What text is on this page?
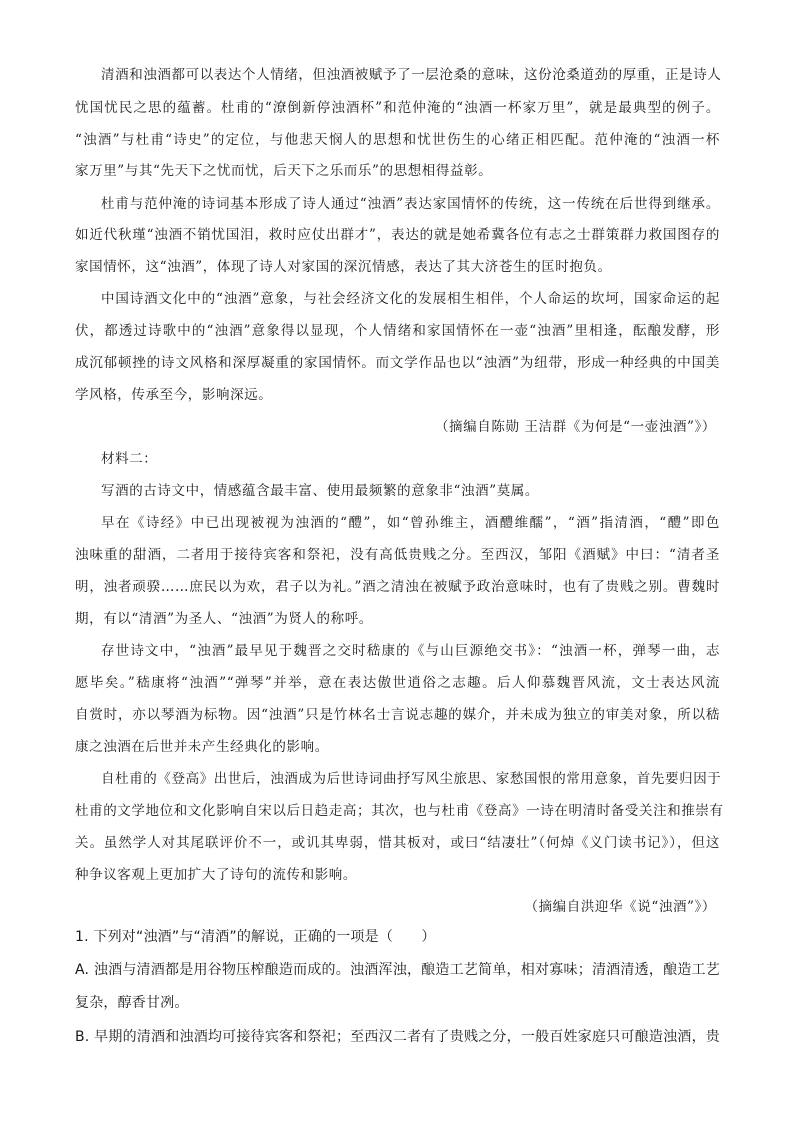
清酒和浊酒都可以表达个人情绪，但浊酒被赋予了一层沧桑的意味，这份沧桑道劲的厚重，正是诗人
忧国忧民之思的蕴蓄。杜甫的“潦倒新停浊酒杯”和范仲淹的“浊酒一杯家万里”，就是最典型的例子。
“浊酒”与杜甫“诗史”的定位，与他悲天悯人的思想和忧世伤生的心绪正相匹配。范仲淹的“浊酒一杯
家万里”与其“先天下之忧而忧，后天下之乐而乐”的思想相得益彰。
杜甫与范仲淹的诗词基本形成了诗人通过“浊酒”表达家国情怀的传统，这一传统在后世得到继承。
如近代秋瑾“浊酒不销忧国泪，救时应仗出群才”，表达的就是她希冀各位有志之士群策群力救国图存的
家国情怀，这“浊酒”，体现了诗人对家国的深沉情感，表达了其大济苍生的匡时抱负。
中国诗酒文化中的“浊酒”意象，与社会经济文化的发展相生相伴，个人命运的坎坷，国家命运的起
伏，都透过诗歌中的“浊酒”意象得以显现，个人情绪和家国情怀在一壶“浊酒”里相逢，酝酿发酵，形
成沉郁顿挫的诗文风格和深厚凝重的家国情怀。而文学作品也以“浊酒”为纽带，形成一种经典的中国美
学风格，传承至今，影响深远。
（摘编自陈勋 王洁群《为何是“一壶浊酒”》）
材料二：
写酒的古诗文中，情感蕴含最丰富、使用最频繁的意象非“浊酒”莫属。
早在《诗经》中已出现被视为浊酒的“醴”，如“曾孙维主，酒醴维醹”，“酒”指清酒，“醴”即色
浊味重的甜酒，二者用于接待宾客和祭祀，没有高低贵贱之分。至西汉，邹阳《酒赋》中曰：“清者圣
明，浊者顽骙……庶民以为欢，君子以为礼。”酒之清浊在被赋予政治意味时，也有了贵贱之别。曹魏时
期，有以“清酒”为圣人、“浊酒”为贤人的称呼。
存世诗文中，“浊酒”最早见于魏晋之交时嵇康的《与山巨源绝交书》：“浊酒一杯，弹琴一曲，志
愿毕矣。”嵇康将“浊酒”“弹琴”并举，意在表达傲世逍俗之志趣。后人仰慕魏晋风流，文士表达风流
自赏时，亦以琴酒为标物。因“浊酒”只是竹林名士言说志趣的媒介，并未成为独立的审美对象，所以嵇
康之浊酒在后世并未产生经典化的影响。
自杜甫的《登高》出世后，浊酒成为后世诗词曲抒写风尘旅思、家愁国恨的常用意象，首先要归因于
杜甫的文学地位和文化影响自宋以后日趋走高；其次，也与杜甫《登高》一诗在明清时备受关注和推崇有
关。虽然学人对其尾联评价不一，或讥其卑弱，惜其板对，或曰“结凄壮”（何焯《义门读书记》），但这
种争议客观上更加扩大了诗句的流传和影响。
（摘编自洪迎华《说“浊酒”》）
1. 下列对“浊酒”与“清酒”的解说，正确的一项是（　　）
A. 浊酒与清酒都是用谷物压榨酿造而成的。浊酒浑浊，酿造工艺简单，相对寡味；清酒清透，酿造工艺
复杂，醇香甘冽。
B. 早期的清酒和浊酒均可接待宾客和祭祀；至西汉二者有了贵贱之分，一般百姓家庭只可酿造浊酒，贵
